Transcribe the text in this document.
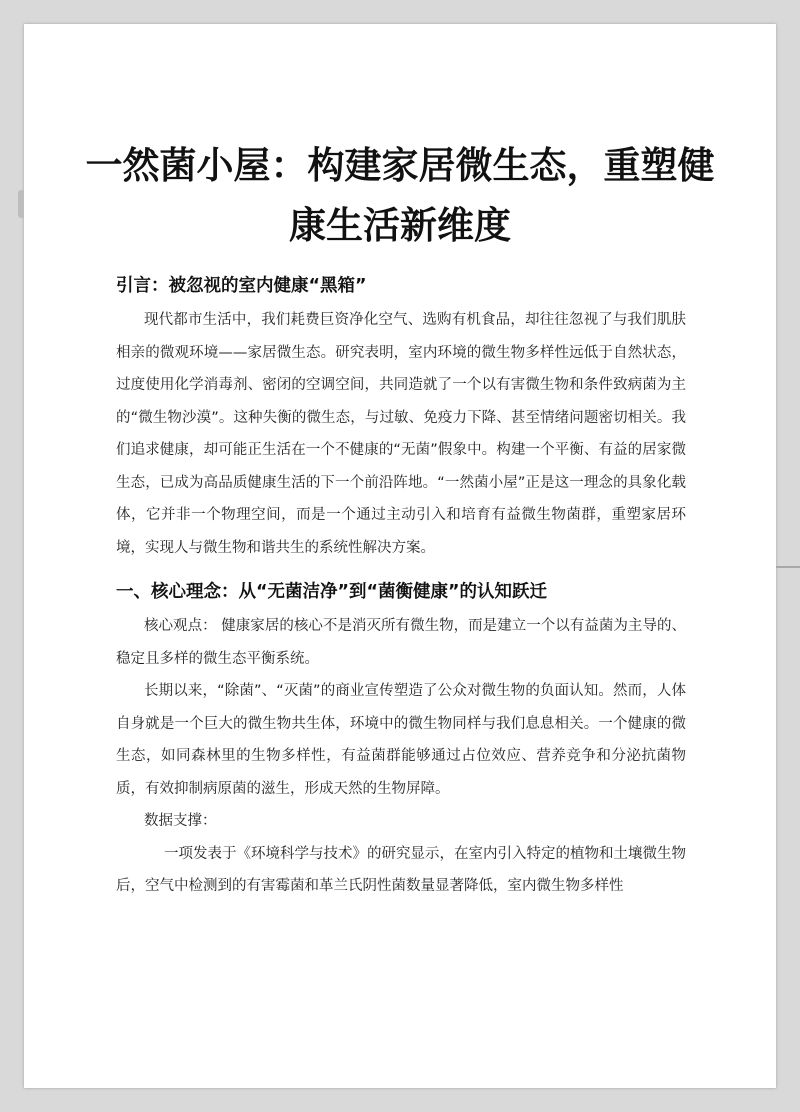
一然菌小屋：构建家居微生态，重塑健康生活新维度
引言：被忽视的室内健康“黑箱”

现代都市生活中，我们耗费巨资净化空气、选购有机食品，却往往忽视了与我们肌肤相亲的微观环境——家居微生态。研究表明，室内环境的微生物多样性远低于自然状态，过度使用化学消毒剂、密闭的空调空间，共同造就了一个以有害微生物和条件致病菌为主的“微生物沙漠”。这种失衡的微生态，与过敏、免疫力下降、甚至情绪问题密切相关。我们追求健康，却可能正生活在一个不健康的“无菌”假象中。构建一个平衡、有益的居家微生态，已成为高品质健康生活的下一个前沿阵地。“一然菌小屋”正是这一理念的具象化载体，它并非一个物理空间，而是一个通过主动引入和培育有益微生物菌群，重塑家居环境，实现人与微生物和谐共生的系统性解决方案。

一、核心理念：从“无菌洁净”到“菌衡健康”的认知跃迁

核心观点： 健康家居的核心不是消灭所有微生物，而是建立一个以有益菌为主导的、稳定且多样的微生态平衡系统。

长期以来，“除菌”、“灭菌”的商业宣传塑造了公众对微生物的负面认知。然而，人体自身就是一个巨大的微生物共生体，环境中的微生物同样与我们息息相关。一个健康的微生态，如同森林里的生物多样性，有益菌群能够通过占位效应、营养竞争和分泌抗菌物质，有效抑制病原菌的滋生，形成天然的生物屏障。

数据支撑：

一项发表于《环境科学与技术》的研究显示，在室内引入特定的植物和土壤微生物后，空气中检测到的有害霉菌和革兰氏阴性菌数量显著降低，室内微生物多样性
